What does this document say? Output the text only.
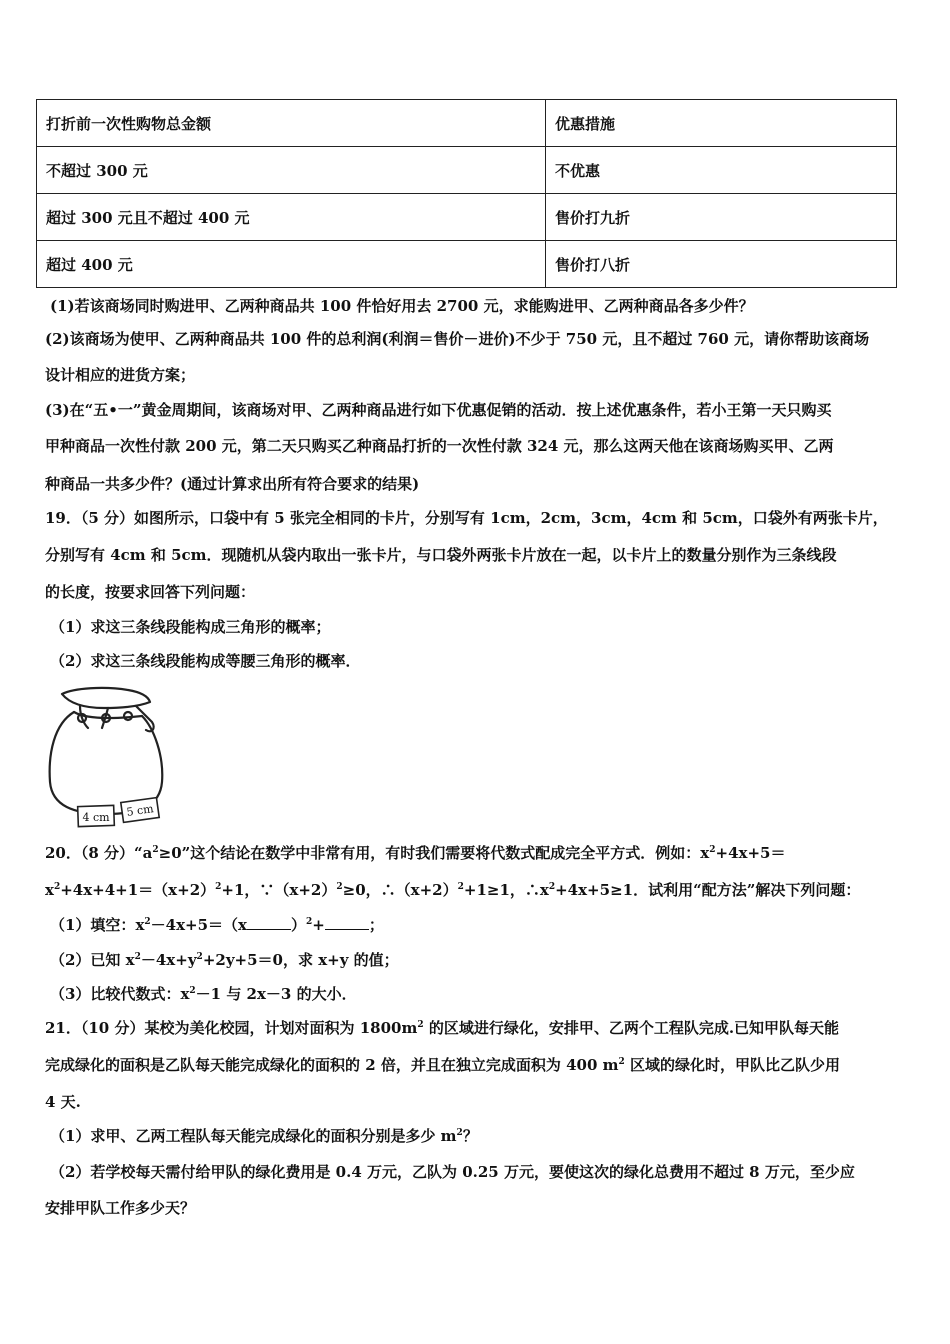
打折前一次性购物总金额	优惠措施
不超过 300 元	不优惠
超过 300 元且不超过 400 元	售价打九折
超过 400 元	售价打八折
(1)若该商场同时购进甲、乙两种商品共 100 件恰好用去 2700 元，求能购进甲、乙两种商品各多少件？
(2)该商场为使甲、乙两种商品共 100 件的总利润(利润＝售价－进价)不少于 750 元，且不超过 760 元，请你帮助该商场
设计相应的进货方案；
(3)在“五•一”黄金周期间，该商场对甲、乙两种商品进行如下优惠促销的活动．按上述优惠条件，若小王第一天只购买
甲种商品一次性付款 200 元，第二天只购买乙种商品打折的一次性付款 324 元，那么这两天他在该商场购买甲、乙两
种商品一共多少件？(通过计算求出所有符合要求的结果)
19．（5 分）如图所示，口袋中有 5 张完全相同的卡片，分别写有 1cm，2cm，3cm，4cm 和 5cm，口袋外有两张卡片，
分别写有 4cm 和 5cm．现随机从袋内取出一张卡片，与口袋外两张卡片放在一起，以卡片上的数量分别作为三条线段
的长度，按要求回答下列问题：
（1）求这三条线段能构成三角形的概率；
（2）求这三条线段能构成等腰三角形的概率．
4 cm 5 cm
20．（8 分）“$a^2\ge 0$”这个结论在数学中非常有用，有时我们需要将代数式配成完全平方式．例如：$x^2+4x+5=$
$x^2+4x+4+1=(x+2)^2+1$，$\because(x+2)^2\ge 0$，$\therefore(x+2)^2+1\ge 1$，$\therefore x^2+4x+5\ge 1$．试利用“配方法”解决下列问题：
（1）填空：$x^2-4x+5=(x$	）$^2$+	；
（2）已知 $x^2-4x+y^2+2y+5=0$，求 x+y 的值；
（3）比较代数式：$x^2-1$ 与 2x－3 的大小．
21．（10 分）某校为美化校园，计划对面积为 $1800m^2$ 的区域进行绿化，安排甲、乙两个工程队完成.已知甲队每天能
完成绿化的面积是乙队每天能完成绿化的面积的 2 倍，并且在独立完成面积为 400 $m^2$ 区域的绿化时，甲队比乙队少用
4 天.
（1）求甲、乙两工程队每天能完成绿化的面积分别是多少 $m^2$？
（2）若学校每天需付给甲队的绿化费用是 0.4 万元，乙队为 0.25 万元，要使这次的绿化总费用不超过 8 万元，至少应
安排甲队工作多少天？
